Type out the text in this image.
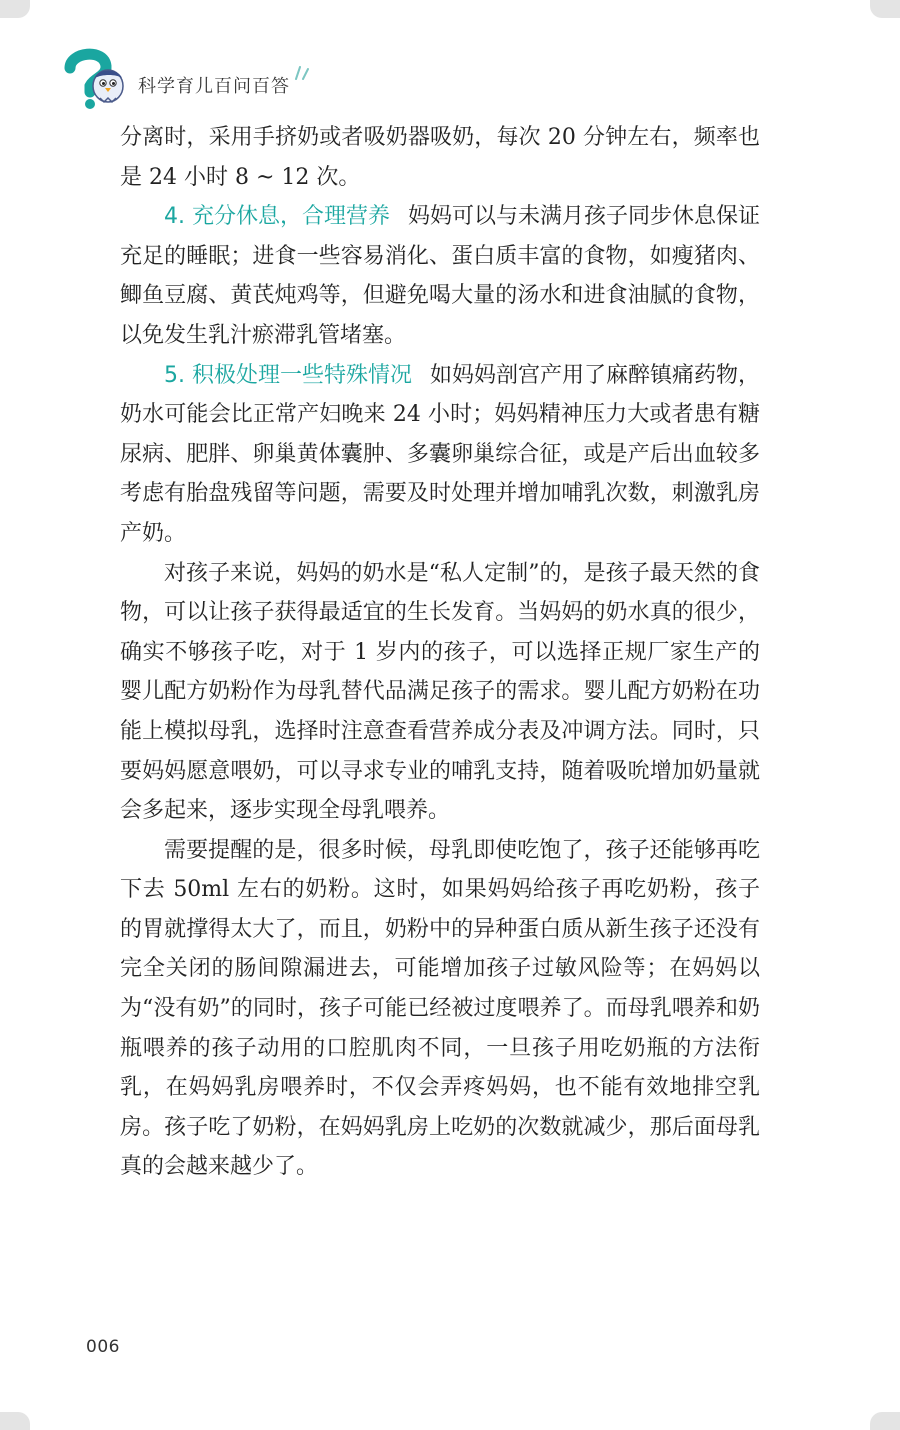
科学育儿百问百答

分离时，采用手挤奶或者吸奶器吸奶，每次 20 分钟左右，频率也是 24 小时 8 ~ 12 次。

4. 充分休息，合理营养 妈妈可以与未满月孩子同步休息保证充足的睡眠；进食一些容易消化、蛋白质丰富的食物，如瘦猪肉、鲫鱼豆腐、黄芪炖鸡等，但避免喝大量的汤水和进食油腻的食物，以免发生乳汁瘀滞乳管堵塞。

5. 积极处理一些特殊情况 如妈妈剖宫产用了麻醉镇痛药物，奶水可能会比正常产妇晚来 24 小时；妈妈精神压力大或者患有糖尿病、肥胖、卵巢黄体囊肿、多囊卵巢综合征，或是产后出血较多考虑有胎盘残留等问题，需要及时处理并增加哺乳次数，刺激乳房产奶。

对孩子来说，妈妈的奶水是“私人定制”的，是孩子最天然的食物，可以让孩子获得最适宜的生长发育。当妈妈的奶水真的很少，确实不够孩子吃，对于 1 岁内的孩子，可以选择正规厂家生产的婴儿配方奶粉作为母乳替代品满足孩子的需求。婴儿配方奶粉在功能上模拟母乳，选择时注意查看营养成分表及冲调方法。同时，只要妈妈愿意喂奶，可以寻求专业的哺乳支持，随着吸吮增加奶量就会多起来，逐步实现全母乳喂养。

需要提醒的是，很多时候，母乳即使吃饱了，孩子还能够再吃下去 50ml 左右的奶粉。这时，如果妈妈给孩子再吃奶粉，孩子的胃就撑得太大了，而且，奶粉中的异种蛋白质从新生孩子还没有完全关闭的肠间隙漏进去，可能增加孩子过敏风险等；在妈妈以为“没有奶”的同时，孩子可能已经被过度喂养了。而母乳喂养和奶瓶喂养的孩子动用的口腔肌肉不同，一旦孩子用吃奶瓶的方法衔乳，在妈妈乳房喂养时，不仅会弄疼妈妈，也不能有效地排空乳房。孩子吃了奶粉，在妈妈乳房上吃奶的次数就减少，那后面母乳真的会越来越少了。

006
